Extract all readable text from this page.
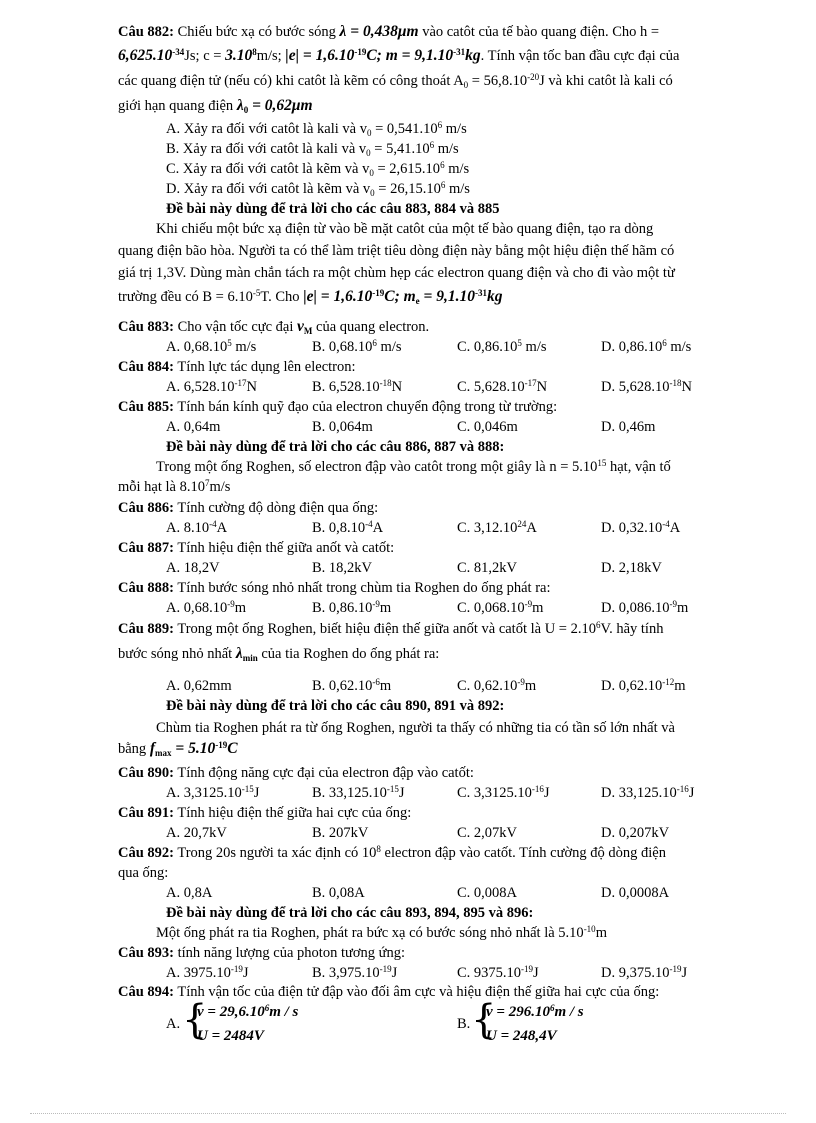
Câu 882: Chiếu bức xạ có bước sóng λ = 0,438μm vào catôt của tế bào quang điện. Cho h =
$6,625.10^{-34}Js$; $c = 3.10^8m/s$; $|e| = 1,6.10^{-19}C$; $m = 9,1.10^{-31}kg$. Tính vận tốc ban đầu cực đại của
các quang điện tử (nếu có) khi catôt là kẽm có công thoát $A_0 = 56,8.10^{-20}J$ và khi catôt là kali có
giới hạn quang điện $\lambda_0 = 0,62\mu m$
A. Xảy ra đối với catôt là kali và $v_0 = 0,541.10^6$ m/s
B. Xảy ra đối với catôt là kali và $v_0 = 5,41.10^6$ m/s
C. Xảy ra đối với catôt là kẽm và $v_0 = 2,615.10^6$ m/s
D. Xảy ra đối với catôt là kẽm và $v_0 = 26,15.10^6$ m/s
Đề bài này dùng để trả lời cho các câu 883, 884 và 885
Khi chiếu một bức xạ điện từ vào bề mặt catôt của một tế bào quang điện, tạo ra dòng
quang điện bão hòa. Người ta có thể làm triệt tiêu dòng điện này bằng một hiệu điện thế hãm có
giá trị 1,3V. Dùng màn chắn tách ra một chùm hẹp các electron quang điện và cho đi vào một từ
trường đều có $B = 6.10^{-5}T$. Cho $|e| = 1,6.10^{-19}C$; $m_e = 9,1.10^{-31}kg$
Câu 883: Cho vận tốc cực đại $v_M$ của quang electron.
A. 0,68.10$^5$ m/s	B. 0,68.10$^6$ m/s	C. 0,86.10$^5$ m/s	D. 0,86.10$^6$ m/s
Câu 884: Tính lực tác dụng lên electron:
A. $6,528.10^{-17}N$	B. $6,528.10^{-18}N$	C. $5,628.10^{-17}N$	D. $5,628.10^{-18}N$
Câu 885: Tính bán kính quỹ đạo của electron chuyển động trong từ trường:
A. 0,64m	B. 0,064m	C. 0,046m	D. 0,46m
Đề bài này dùng để trả lời cho các câu 886, 887 và 888:
Trong một ống Roghen, số electron đập vào catôt trong một giây là $n = 5.10^{15}$ hạt, vận tố
mỗi hạt là 8.10$^7$m/s
Câu 886: Tính cường độ dòng điện qua ống:
A. $8.10^{-4}A$	B. $0,8.10^{-4}A$	C. 3,12.10$^{24}$A	D. $0,32.10^{-4}A$
Câu 887: Tính hiệu điện thế giữa anốt và catốt:
A. 18,2V	B. 18,2kV	C. 81,2kV	D. 2,18kV
Câu 888: Tính bước sóng nhỏ nhất trong chùm tia Roghen do ống phát ra:
A. $0,68.10^{-9}m$	B. $0,86.10^{-9}m$	C. $0,068.10^{-9}m$	D. $0,086.10^{-9}m$
Câu 889: Trong một ống Roghen, biết hiệu điện thế giữa anốt và catốt là $U = 2.10^6V$. hãy tính
bước sóng nhỏ nhất $\lambda_{min}$ của tia Roghen do ống phát ra:
A. 0,62mm	B. $0,62.10^{-6}m$	C. $0,62.10^{-9}m$	D. $0,62.10^{-12}m$
Đề bài này dùng để trả lời cho các câu 890, 891 và 892:
Chùm tia Roghen phát ra từ ống Roghen, người ta thấy có những tia có tần số lớn nhất và
bằng $f_{max} = 5.10^{-19}C$
Câu 890: Tính động năng cực đại của electron đập vào catốt:
A. $3,3125.10^{-15}J$	B. $33,125.10^{-15}J$	C. $3,3125.10^{-16}J$	D. $33,125.10^{-16}J$
Câu 891: Tính hiệu điện thế giữa hai cực của ống:
A. 20,7kV	B. 207kV	C. 2,07kV	D. 0,207kV
Câu 892: Trong 20s người ta xác định có $10^8$ electron đập vào catốt. Tính cường độ dòng điện
qua ống:
A. 0,8A	B. 0,08A	C. 0,008A	D. 0,0008A
Đề bài này dùng để trả lời cho các câu 893, 894, 895 và 896:
Một ống phát ra tia Roghen, phát ra bức xạ có bước sóng nhỏ nhất là $5.10^{-10}m$
Câu 893: tính năng lượng của photon tương ứng:
A. $3975.10^{-19}J$	B. $3,975.10^{-19}J$	C. $9375.10^{-19}J$	D. $9,375.10^{-19}J$
Câu 894: Tính vận tốc của điện tử đập vào đối âm cực và hiệu điện thế giữa hai cực của ống:
A. {
$v = 29,6.10^6m / s$
U = 2484V
B. {
$v = 296.10^6m / s$
U = 248,4V
